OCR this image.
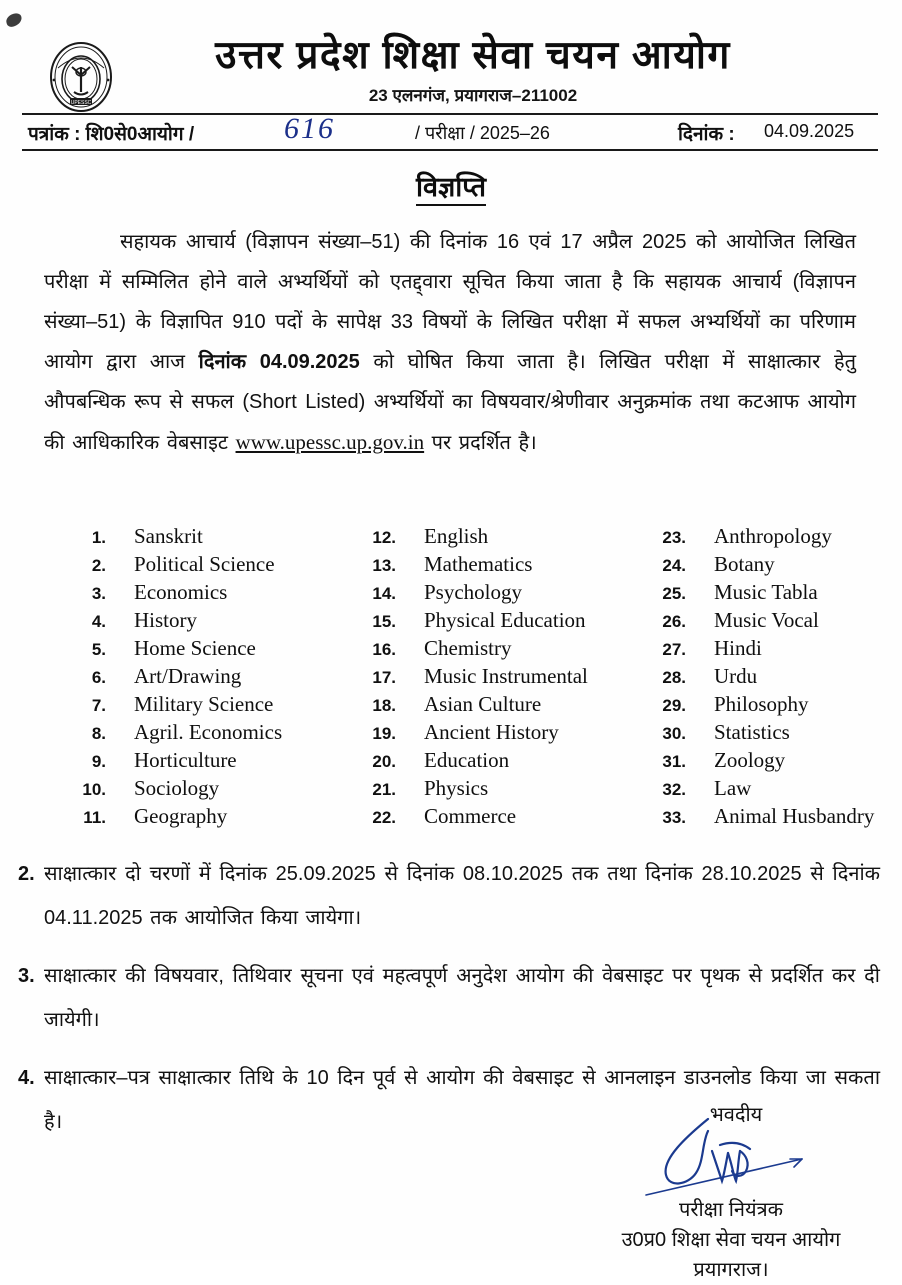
UPESSC
उत्तर प्रदेश शिक्षा सेवा चयन आयोग
23 एलनगंज, प्रयागराज–211002
पत्रांक : शि0से0आयोग /	616	/ परीक्षा / 2025–26	दिनांक : 04.09.2025
विज्ञप्ति
सहायक आचार्य (विज्ञापन संख्या–51) की दिनांक 16 एवं 17 अप्रैल 2025 को आयोजित लिखित परीक्षा में सम्मिलित होने वाले अभ्यर्थियों को एतद्द्वारा सूचित किया जाता है कि सहायक आचार्य (विज्ञापन संख्या–51) के विज्ञापित 910 पदों के सापेक्ष 33 विषयों के लिखित परीक्षा में सफल अभ्यर्थियों का परिणाम आयोग द्वारा आज दिनांक 04.09.2025 को घोषित किया जाता है। लिखित परीक्षा में साक्षात्कार हेतु औपबन्धिक रूप से सफल (Short Listed) अभ्यर्थियों का विषयवार/श्रेणीवार अनुक्रमांक तथा कटआफ आयोग की आधिकारिक वेबसाइट www.upessc.up.gov.in पर प्रदर्शित है।
1.	Sanskrit
2.	Political Science
3.	Economics
4.	History
5.	Home Science
6.	Art/Drawing
7.	Military Science
8.	Agril. Economics
9.	Horticulture
10.	Sociology
11.	Geography
12.	English
13.	Mathematics
14.	Psychology
15.	Physical Education
16.	Chemistry
17.	Music Instrumental
18.	Asian Culture
19.	Ancient History
20.	Education
21.	Physics
22.	Commerce
23.	Anthropology
24.	Botany
25.	Music Tabla
26.	Music Vocal
27.	Hindi
28.	Urdu
29.	Philosophy
30.	Statistics
31.	Zoology
32.	Law
33.	Animal Husbandry
2. साक्षात्कार दो चरणों में दिनांक 25.09.2025 से दिनांक 08.10.2025 तक तथा दिनांक 28.10.2025 से दिनांक 04.11.2025 तक आयोजित किया जायेगा।
3. साक्षात्कार की विषयवार, तिथिवार सूचना एवं महत्वपूर्ण अनुदेश आयोग की वेबसाइट पर पृथक से प्रदर्शित कर दी जायेगी।
4. साक्षात्कार–पत्र साक्षात्कार तिथि के 10 दिन पूर्व से आयोग की वेबसाइट से आनलाइन डाउनलोड किया जा सकता है।	भवदीय
परीक्षा नियंत्रक
उ0प्र0 शिक्षा सेवा चयन आयोग
प्रयागराज।
